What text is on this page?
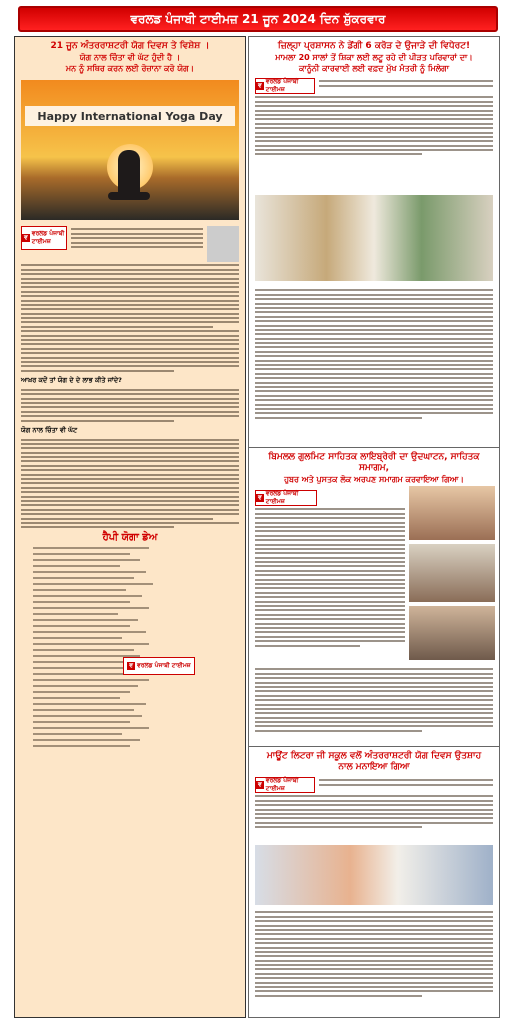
ਵਰਲਡ ਪੰਜਾਬੀ ਟਾਈਮਜ਼ 21 ਜੂਨ 2024 ਦਿਨ ਸ਼ੁੱਕਰਵਾਰ
21 ਜੂਨ ਅੰਤਰਰਾਸ਼ਟਰੀ ਯੋਗ ਦਿਵਸ ਤੇ ਵਿਸ਼ੇਸ਼ ।
ਯੋਗ ਨਾਲ ਚਿੰਤਾ ਵੀ ਘੱਟ ਹੁੰਦੀ ਹੈ ।
ਮਨ ਨੂੰ ਸਥਿਰ ਕਰਨ ਲਈ ਰੋਜ਼ਾਨਾ ਕਰੋ ਯੋਗ।
Happy International Yoga Day
ਵ
ਵਰਲਡ ਪੰਜਾਬੀ ਟਾਈਮਜ਼
ਆਖ਼ਰ ਕਦੋਂ ਤਾਂ ਯੋਗ ਦੇ ਦੇ ਲਾਭ ਕੀਤੇ ਜਾਂਦੇ?
ਯੋਗ ਨਾਲ ਚਿੰਤਾ ਵੀ ਘੱਟ
ਹੈਪੀ ਯੋਗਾ ਡੇਅ
ਵ ਵਰਲਡ ਪੰਜਾਬੀ ਟਾਈਮਜ਼
ਜ਼ਿਲ੍ਹਾ ਪ੍ਰਸ਼ਾਸਨ ਨੇ ਡੇਂਗੀ 6 ਕਰੋੜ ਦੇ ਉਜਾੜੇ ਦੀ ਵਿਧੇਰਟ!
ਮਾਮਲਾ 20 ਸਾਲਾਂ ਤੋਂ ਸ਼ਿਕਾ ਲਈ ਲਟੂ ਰਹੇ ਦੀ ਪੀੜਤ ਪਰਿਵਾਰਾਂ ਦਾ।
ਕਾਨੂੰਨੀ ਕਾਰਵਾਈ ਲਈ ਵਫ਼ਦ ਮੁੱਖ ਮੰਤਰੀ ਨੂੰ ਮਿਲੇਗਾ
ਵ
ਵਰਲਡ ਪੰਜਾਬੀ ਟਾਈਮਜ਼
ਬਿਮਲਲ ਗੁਲਮਿਟ ਸਾਹਿਤਕ ਲਾਇਬ੍ਰੇਰੀ ਦਾ ਉਦਘਾਟਨ, ਸਾਹਿਤਕ ਸਮਾਗਮ,
ਹੁਬਰ ਅਤੇ ਪੁਸਤਕ ਲੋਕ ਅਰਪਣ ਸਮਾਗਮ ਕਰਵਾਇਆ ਗਿਆ।
ਵ
ਵਰਲਡ ਪੰਜਾਬੀ ਟਾਈਮਜ਼
ਮਾਊਂਟ ਲਿਟਰਾ ਜੀ ਸਕੂਲ ਵਲੋਂ ਅੰਤਰਰਾਸ਼ਟਰੀ ਯੋਗ ਦਿਵਸ ਉਤਸ਼ਾਹ
ਨਾਲ ਮਨਾਇਆ ਗਿਆ
ਵ
ਵਰਲਡ ਪੰਜਾਬੀ ਟਾਈਮਜ਼
